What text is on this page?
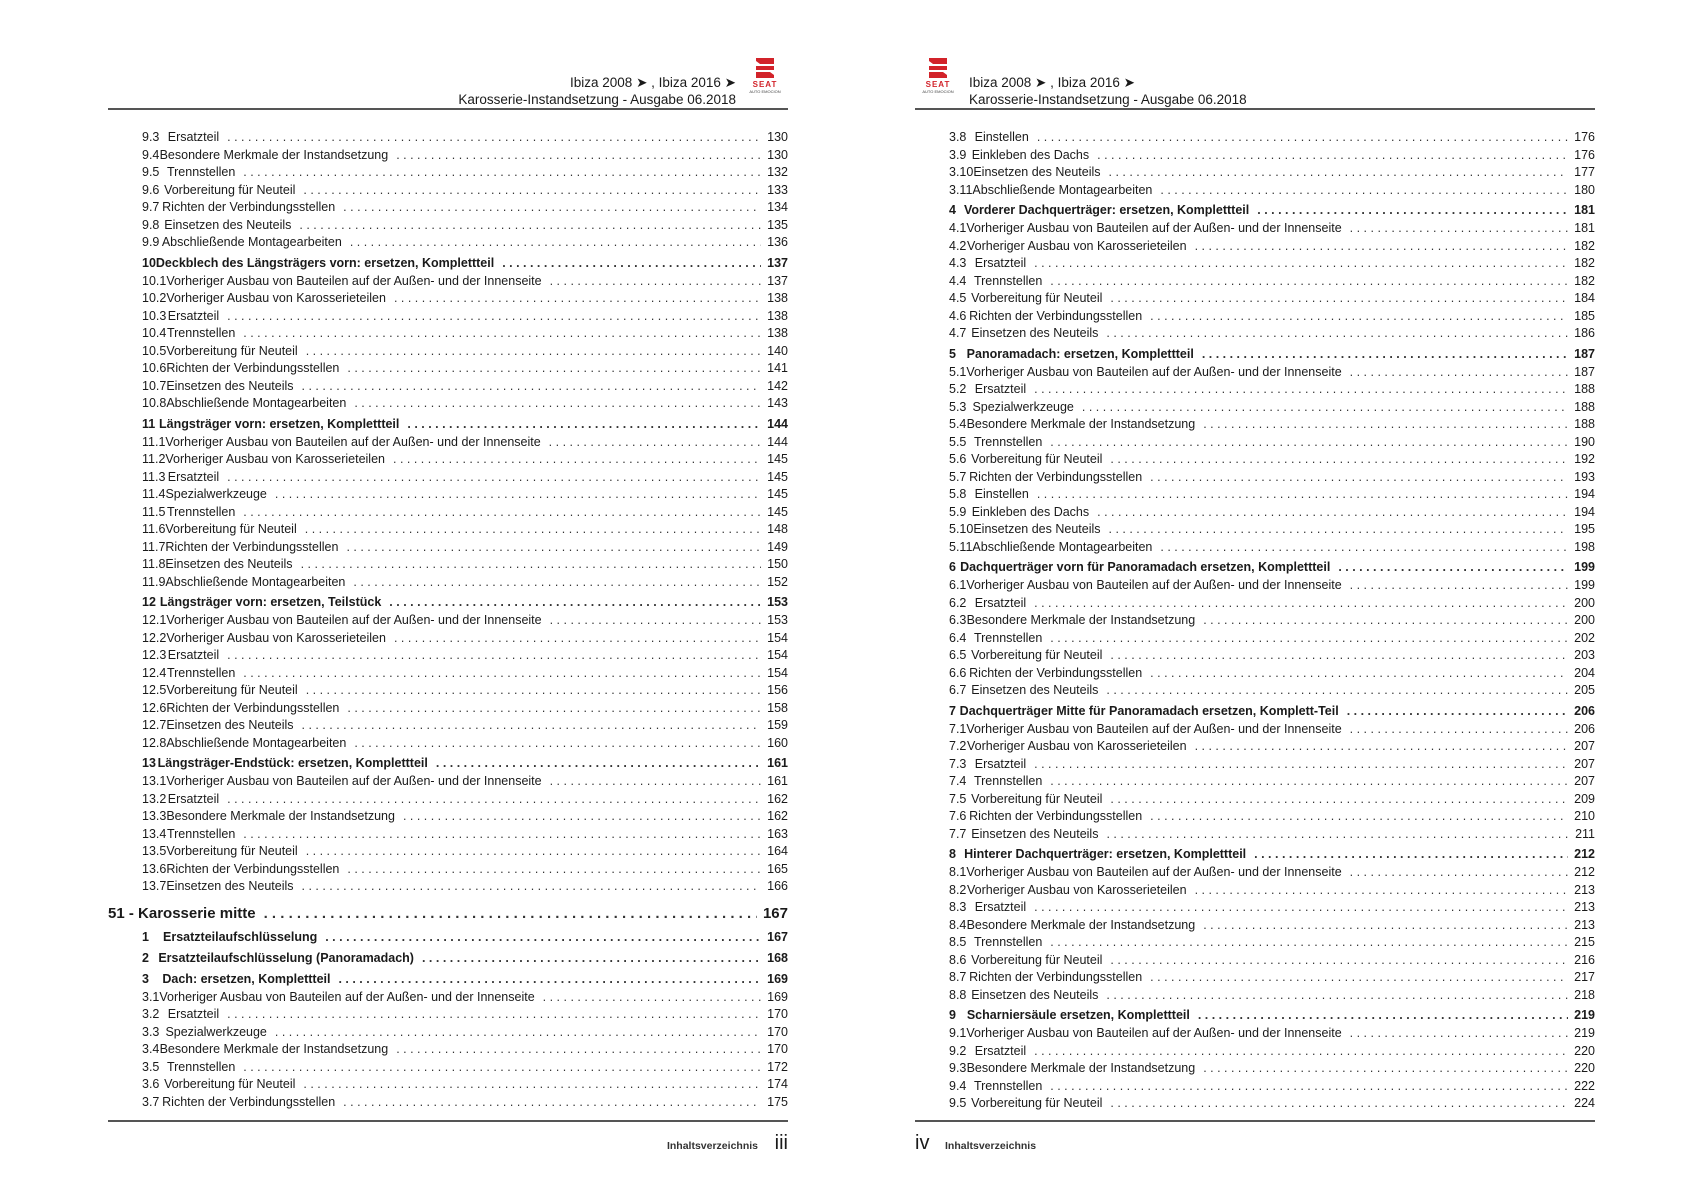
Ibiza 2008 ➤ , Ibiza 2016 ➤
Karosserie-Instandsetzung - Ausgabe 06.2018
SEAT
AUTO EMOCION
9.3 Ersatzteil . . .	130
9.4 Besondere Merkmale der Instandsetzung . . .	130
9.5 Trennstellen . . .	132
9.6 Vorbereitung für Neuteil . . .	133
9.7 Richten der Verbindungsstellen . . .	134
9.8 Einsetzen des Neuteils . . .	135
9.9 Abschließende Montagearbeiten . . .	136
10 Deckblech des Längsträgers vorn: ersetzen, Komplettteil . . .	137
10.1 Vorheriger Ausbau von Bauteilen auf der Außen- und der Innenseite . . .	137
10.2 Vorheriger Ausbau von Karosserieteilen . . .	138
10.3 Ersatzteil . . .	138
10.4 Trennstellen . . .	138
10.5 Vorbereitung für Neuteil . . .	140
10.6 Richten der Verbindungsstellen . . .	141
10.7 Einsetzen des Neuteils . . .	142
10.8 Abschließende Montagearbeiten . . .	143
11 Längsträger vorn: ersetzen, Komplettteil . . .	144
11.1 Vorheriger Ausbau von Bauteilen auf der Außen- und der Innenseite . . .	144
11.2 Vorheriger Ausbau von Karosserieteilen . . .	145
11.3 Ersatzteil . . .	145
11.4 Spezialwerkzeuge . . .	145
11.5 Trennstellen . . .	145
11.6 Vorbereitung für Neuteil . . .	148
11.7 Richten der Verbindungsstellen . . .	149
11.8 Einsetzen des Neuteils . . .	150
11.9 Abschließende Montagearbeiten . . .	152
12 Längsträger vorn: ersetzen, Teilstück . . .	153
12.1 Vorheriger Ausbau von Bauteilen auf der Außen- und der Innenseite . . .	153
12.2 Vorheriger Ausbau von Karosserieteilen . . .	154
12.3 Ersatzteil . . .	154
12.4 Trennstellen . . .	154
12.5 Vorbereitung für Neuteil . . .	156
12.6 Richten der Verbindungsstellen . . .	158
12.7 Einsetzen des Neuteils . . .	159
12.8 Abschließende Montagearbeiten . . .	160
13 Längsträger-Endstück: ersetzen, Komplettteil . . .	161
13.1 Vorheriger Ausbau von Bauteilen auf der Außen- und der Innenseite . . .	161
13.2 Ersatzteil . . .	162
13.3 Besondere Merkmale der Instandsetzung . . .	162
13.4 Trennstellen . . .	163
13.5 Vorbereitung für Neuteil . . .	164
13.6 Richten der Verbindungsstellen . . .	165
13.7 Einsetzen des Neuteils . . .	166
51 - Karosserie mitte . . .	167
1	Ersatzteilaufschlüsselung . . .	167
2 Ersatzteilaufschlüsselung (Panoramadach) . . .	168
3	Dach: ersetzen, Komplettteil . . .	169
3.1 Vorheriger Ausbau von Bauteilen auf der Außen- und der Innenseite . . .	169
3.2 Ersatzteil . . .	170
3.3 Spezialwerkzeuge . . .	170
3.4 Besondere Merkmale der Instandsetzung . . .	170
3.5 Trennstellen . . .	172
3.6 Vorbereitung für Neuteil . . .	174
3.7 Richten der Verbindungsstellen . . .	175
Inhaltsverzeichnis iii
SEAT
AUTO EMOCION
Ibiza 2008 ➤ , Ibiza 2016 ➤
Karosserie-Instandsetzung - Ausgabe 06.2018
3.8 Einstellen . . .	176
3.9 Einkleben des Dachs . . .	176
3.10 Einsetzen des Neuteils . . .	177
3.11 Abschließende Montagearbeiten . . .	180
4 Vorderer Dachquerträger: ersetzen, Komplettteil . . .	181
4.1 Vorheriger Ausbau von Bauteilen auf der Außen- und der Innenseite . . .	181
4.2 Vorheriger Ausbau von Karosserieteilen . . .	182
4.3 Ersatzteil . . .	182
4.4 Trennstellen . . .	182
4.5 Vorbereitung für Neuteil . . .	184
4.6 Richten der Verbindungsstellen . . .	185
4.7 Einsetzen des Neuteils . . .	186
5 Panoramadach: ersetzen, Komplettteil . . .	187
5.1 Vorheriger Ausbau von Bauteilen auf der Außen- und der Innenseite . . .	187
5.2 Ersatzteil . . .	188
5.3 Spezialwerkzeuge . . .	188
5.4 Besondere Merkmale der Instandsetzung . . .	188
5.5 Trennstellen . . .	190
5.6 Vorbereitung für Neuteil . . .	192
5.7 Richten der Verbindungsstellen . . .	193
5.8 Einstellen . . .	194
5.9 Einkleben des Dachs . . .	194
5.10 Einsetzen des Neuteils . . .	195
5.11 Abschließende Montagearbeiten . . .	198
6 Dachquerträger vorn für Panoramadach ersetzen, Komplettteil . . .	199
6.1 Vorheriger Ausbau von Bauteilen auf der Außen- und der Innenseite . . .	199
6.2 Ersatzteil . . .	200
6.3 Besondere Merkmale der Instandsetzung . . .	200
6.4 Trennstellen . . .	202
6.5 Vorbereitung für Neuteil . . .	203
6.6 Richten der Verbindungsstellen . . .	204
6.7 Einsetzen des Neuteils . . .	205
7 Dachquerträger Mitte für Panoramadach ersetzen, Komplett-Teil . . .	206
7.1 Vorheriger Ausbau von Bauteilen auf der Außen- und der Innenseite . . .	206
7.2 Vorheriger Ausbau von Karosserieteilen . . .	207
7.3 Ersatzteil . . .	207
7.4 Trennstellen . . .	207
7.5 Vorbereitung für Neuteil . . .	209
7.6 Richten der Verbindungsstellen . . .	210
7.7 Einsetzen des Neuteils . . .	211
8 Hinterer Dachquerträger: ersetzen, Komplettteil . . .	212
8.1 Vorheriger Ausbau von Bauteilen auf der Außen- und der Innenseite . . .	212
8.2 Vorheriger Ausbau von Karosserieteilen . . .	213
8.3 Ersatzteil . . .	213
8.4 Besondere Merkmale der Instandsetzung . . .	213
8.5 Trennstellen . . .	215
8.6 Vorbereitung für Neuteil . . .	216
8.7 Richten der Verbindungsstellen . . .	217
8.8 Einsetzen des Neuteils . . .	218
9 Scharniersäule ersetzen, Komplettteil . . .	219
9.1 Vorheriger Ausbau von Bauteilen auf der Außen- und der Innenseite . . .	219
9.2 Ersatzteil . . .	220
9.3 Besondere Merkmale der Instandsetzung . . .	220
9.4 Trennstellen . . .	222
9.5 Vorbereitung für Neuteil . . .	224
iv Inhaltsverzeichnis
